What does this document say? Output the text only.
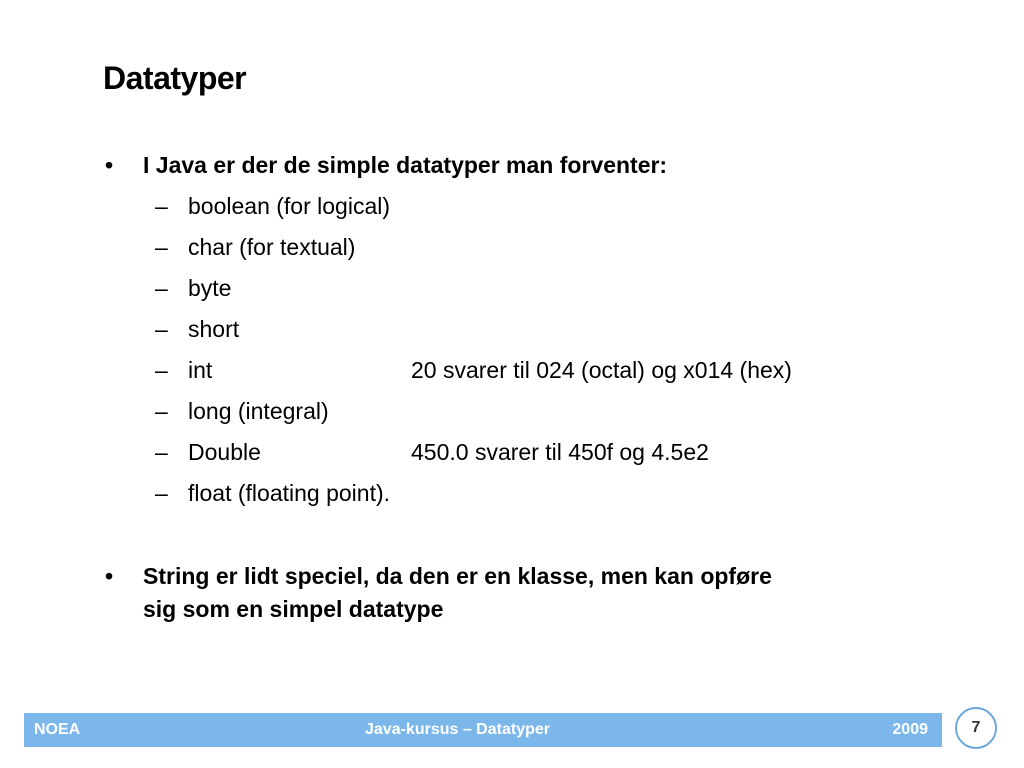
Datatyper
• I Java er der de simple datatyper man forventer:
– boolean (for logical)
– char (for textual)
– byte
– short
– int	20 svarer til 024 (octal) og x014 (hex)
– long (integral)
– Double	450.0 svarer til 450f og 4.5e2
– float (floating point).
• String er lidt speciel, da den er en klasse, men kan opføre
sig som en simpel datatype
NOEA	Java-kursus – Datatyper	2009	7
